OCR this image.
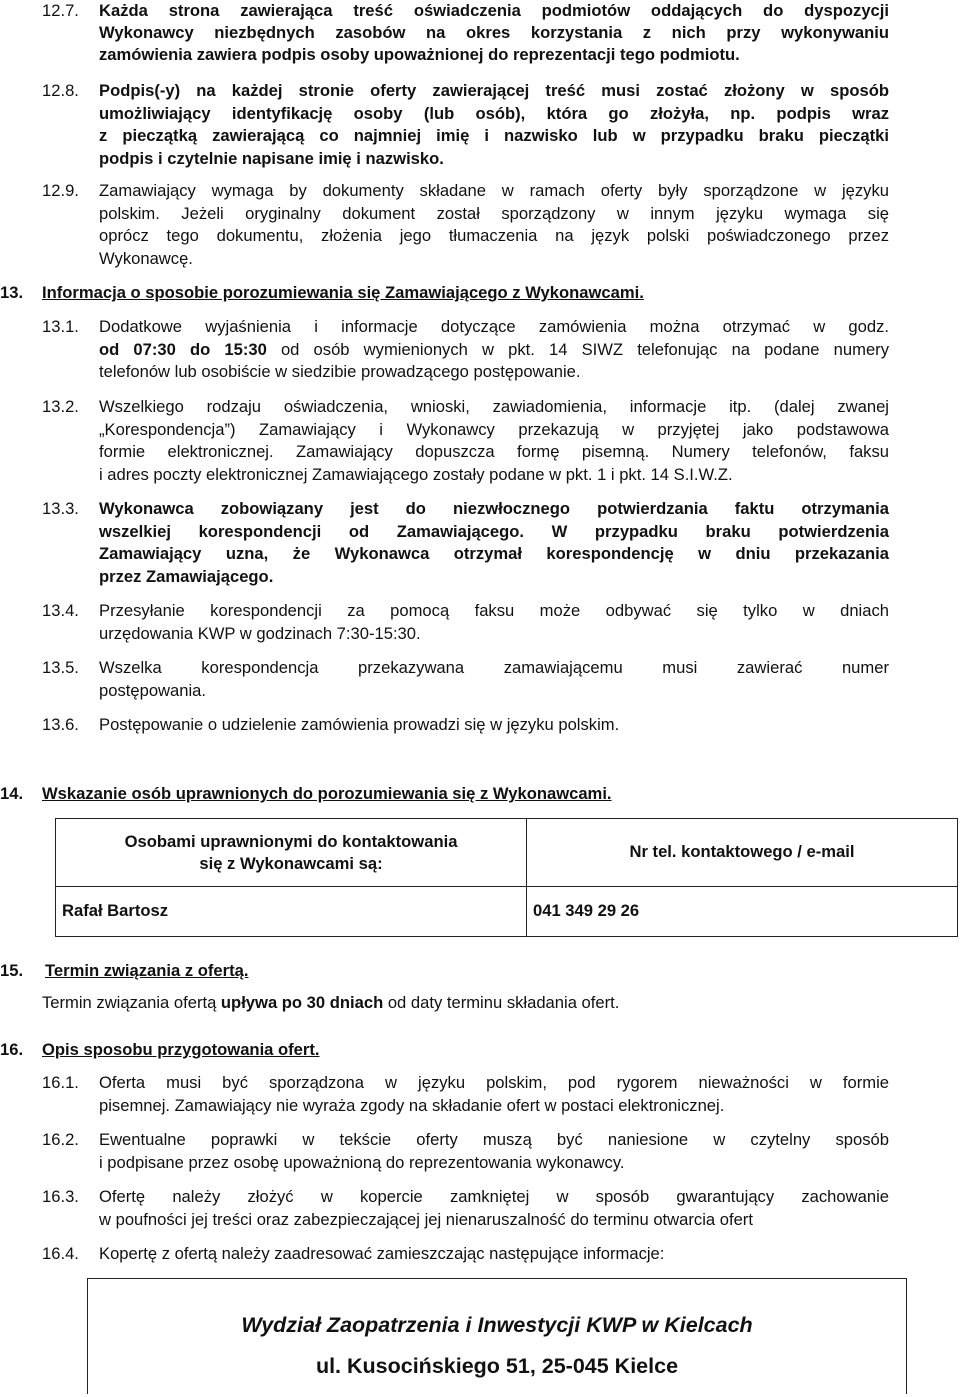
12.7. Każda strona zawierająca treść oświadczenia podmiotów oddających do dyspozycji
Wykonawcy niezbędnych zasobów na okres korzystania z nich przy wykonywaniu
zamówienia zawiera podpis osoby upoważnionej do reprezentacji tego podmiotu.
12.8. Podpis(-y) na każdej stronie oferty zawierającej treść musi zostać złożony w sposób
umożliwiający identyfikację osoby (lub osób), która go złożyła, np. podpis wraz
z pieczątką zawierającą co najmniej imię i nazwisko lub w przypadku braku pieczątki
podpis i czytelnie napisane imię i nazwisko.
12.9. Zamawiający wymaga by dokumenty składane w ramach oferty były sporządzone w języku
polskim. Jeżeli oryginalny dokument został sporządzony w innym języku wymaga się
oprócz tego dokumentu, złożenia jego tłumaczenia na język polski poświadczonego przez
Wykonawcę.
13. Informacja o sposobie porozumiewania się Zamawiającego z Wykonawcami.
13.1. Dodatkowe wyjaśnienia i informacje dotyczące zamówienia można otrzymać w godz.
od 07:30 do 15:30 od osób wymienionych w pkt. 14 SIWZ telefonując na podane numery
telefonów lub osobiście w siedzibie prowadzącego postępowanie.
13.2. Wszelkiego rodzaju oświadczenia, wnioski, zawiadomienia, informacje itp. (dalej zwanej
„Korespondencja”) Zamawiający i Wykonawcy przekazują w przyjętej jako podstawowa
formie elektronicznej. Zamawiający dopuszcza formę pisemną. Numery telefonów, faksu
i adres poczty elektronicznej Zamawiającego zostały podane w pkt. 1 i pkt. 14 S.I.W.Z.
13.3. Wykonawca zobowiązany jest do niezwłocznego potwierdzania faktu otrzymania
wszelkiej korespondencji od Zamawiającego. W przypadku braku potwierdzenia
Zamawiający uzna, że Wykonawca otrzymał korespondencję w dniu przekazania
przez Zamawiającego.
13.4. Przesyłanie korespondencji za pomocą faksu może odbywać się tylko w dniach
urzędowania KWP w godzinach 7:30-15:30.
13.5. Wszelka korespondencja przekazywana zamawiającemu musi zawierać numer
postępowania.
13.6. Postępowanie o udzielenie zamówienia prowadzi się w języku polskim.
14. Wskazanie osób uprawnionych do porozumiewania się z Wykonawcami.
Osobami uprawnionymi do kontaktowania
się z Wykonawcami są:	Nr tel. kontaktowego / e-mail
Rafał Bartosz	041 349 29 26
15. Termin związania z ofertą.
Termin związania ofertą upływa po 30 dniach od daty terminu składania ofert.
16. Opis sposobu przygotowania ofert.
16.1. Oferta musi być sporządzona w języku polskim, pod rygorem nieważności w formie
pisemnej. Zamawiający nie wyraża zgody na składanie ofert w postaci elektronicznej.
16.2. Ewentualne poprawki w tekście oferty muszą być naniesione w czytelny sposób
i podpisane przez osobę upoważnioną do reprezentowania wykonawcy.
16.3. Ofertę należy złożyć w kopercie zamkniętej w sposób gwarantujący zachowanie
w poufności jej treści oraz zabezpieczającej jej nienaruszalność do terminu otwarcia ofert
16.4. Kopertę z ofertą należy zaadresować zamieszczając następujące informacje:
Wydział Zaopatrzenia i Inwestycji KWP w Kielcach
ul. Kusocińskiego 51, 25-045 Kielce
